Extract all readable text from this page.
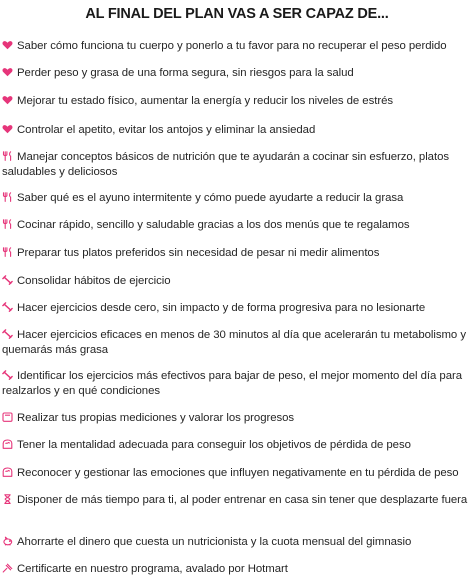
AL FINAL DEL PLAN VAS A SER CAPAZ DE...
Saber cómo funciona tu cuerpo y ponerlo a tu favor para no recuperar el peso perdido
Perder peso y grasa de una forma segura, sin riesgos para la salud
Mejorar tu estado físico, aumentar la energía y reducir los niveles de estrés
Controlar el apetito, evitar los antojos y eliminar la ansiedad
Manejar conceptos básicos de nutrición que te ayudarán a cocinar sin esfuerzo, platos saludables y deliciosos
Saber qué es el ayuno intermitente y cómo puede ayudarte a reducir la grasa
Cocinar rápido, sencillo y saludable gracias a los dos menús que te regalamos
Preparar tus platos preferidos sin necesidad de pesar ni medir alimentos
Consolidar hábitos de ejercicio
Hacer ejercicios desde cero, sin impacto y de forma progresiva para no lesionarte
Hacer ejercicios eficaces en menos de 30 minutos al día que acelerarán tu metabolismo y quemarás más grasa
Identificar los ejercicios más efectivos para bajar de peso, el mejor momento del día para realzarlos y en qué condiciones
Realizar tus propias mediciones y valorar los progresos
Tener la mentalidad adecuada para conseguir los objetivos de pérdida de peso
Reconocer y gestionar las emociones que influyen negativamente en tu pérdida de peso
Disponer de más tiempo para ti, al poder entrenar en casa sin tener que desplazarte fuera
Ahorrarte el dinero que cuesta un nutricionista y la cuota mensual del gimnasio
Certificarte en nuestro programa, avalado por Hotmart
